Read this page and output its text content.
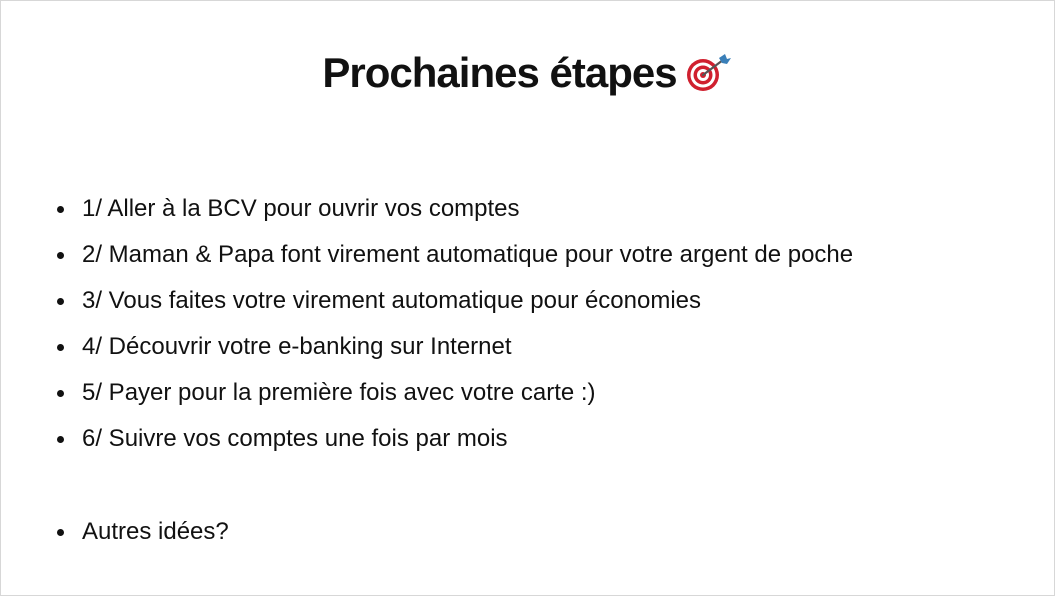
Prochaines étapes
1/ Aller à la BCV pour ouvrir vos comptes
2/ Maman & Papa font virement automatique pour votre argent de poche
3/ Vous faites votre virement automatique pour économies
4/ Découvrir votre e-banking sur Internet
5/ Payer pour la première fois avec votre carte :)
6/ Suivre vos comptes une fois par mois
Autres idées?
